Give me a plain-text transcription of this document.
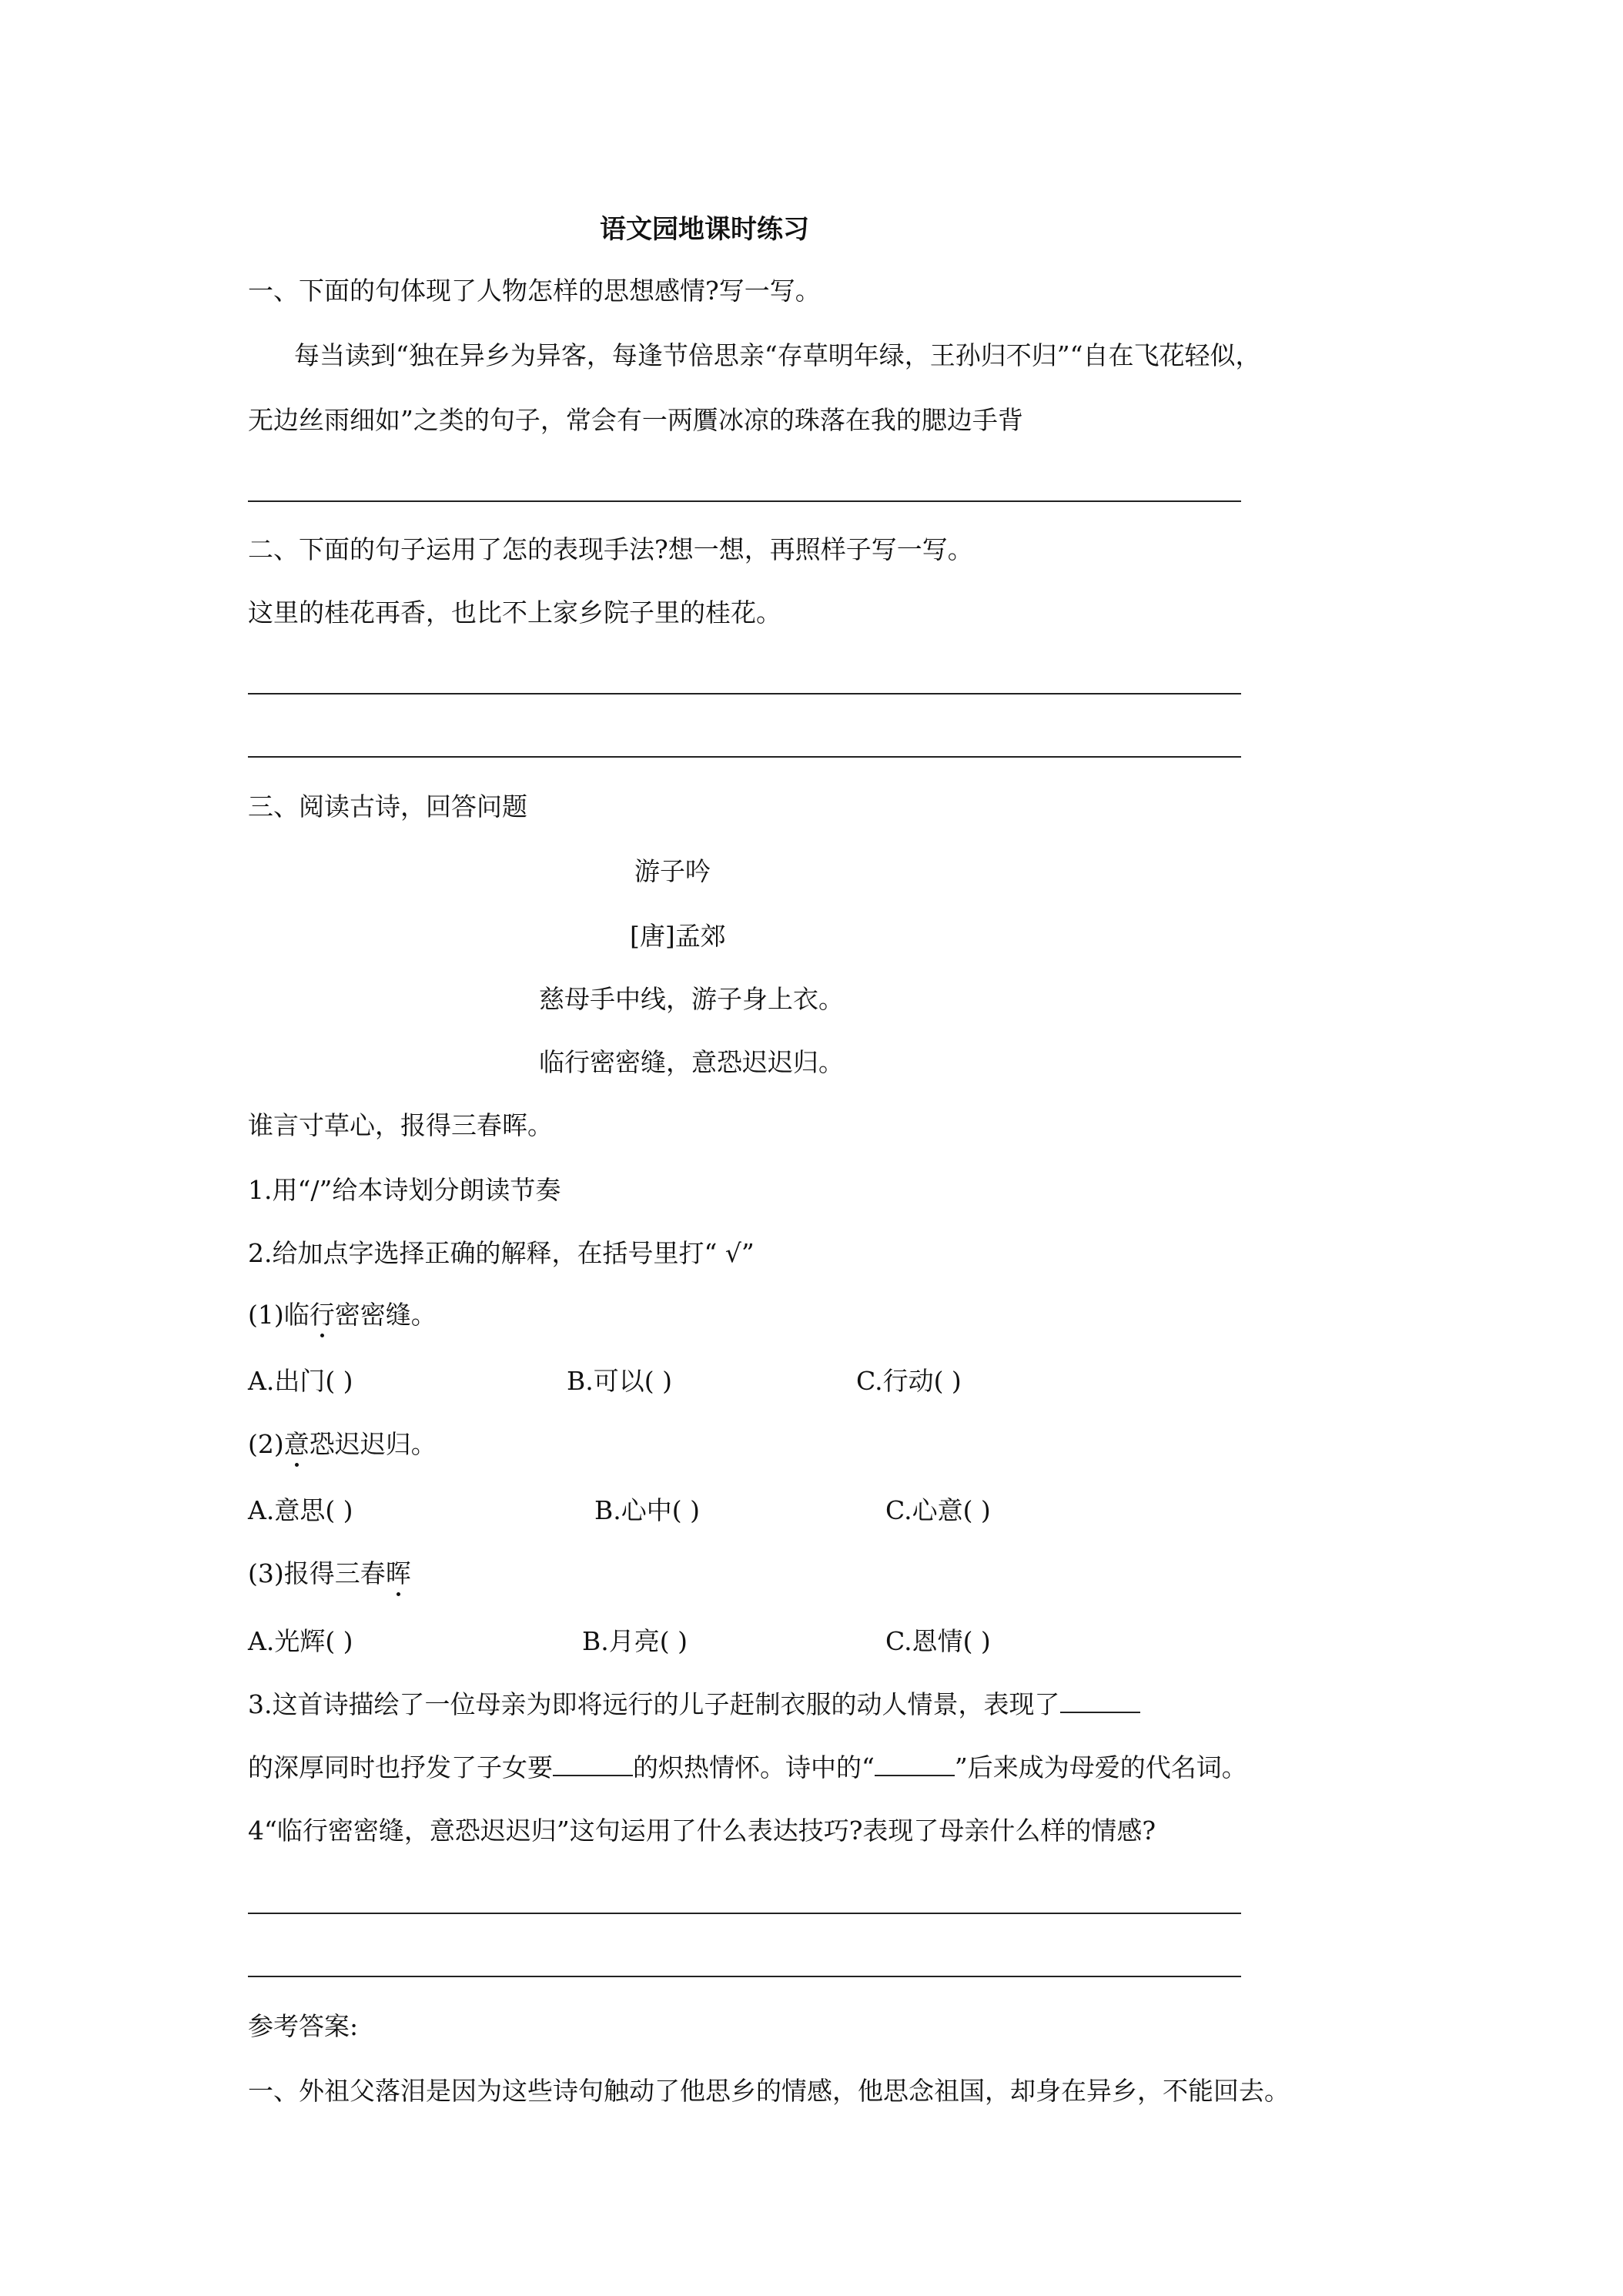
语文园地课时练习
一、下面的句体现了人物怎样的思想感情?写一写。
每当读到“独在异乡为异客，每逢节倍思亲“存草明年绿，王孙归不归”“自在飞花轻似，
无边丝雨细如”之类的句子，常会有一两贋冰凉的珠落在我的腮边手背
二、下面的句子运用了怎的表现手法?想一想，再照样子写一写。
这里的桂花再香，也比不上家乡院子里的桂花。
三、阅读古诗，回答问题
游子吟
[唐]孟郊
慈母手中线，游子身上衣。
临行密密缝，意恐迟迟归。
谁言寸草心，报得三春晖。
1.用“/”给本诗划分朗读节奏
2.给加点字选择正确的解释，在括号里打“ √”
(1)临行密密缝。
A.出门( )	B.可以( )	C.行动( )
(2)意恐迟迟归。
A.意思( )	B.心中( )	C.心意( )
(3)报得三春晖
A.光辉( )	B.月亮( )	C.恩情( )
3.这首诗描绘了一位母亲为即将远行的儿子赶制衣服的动人情景，表现了
的深厚同时也抒发了子女要	的炽热情怀。诗中的“	”后来成为母爱的代名词。
4“临行密密缝，意恐迟迟归”这句运用了什么表达技巧?表现了母亲什么样的情感?
参考答案:
一、外祖父落泪是因为这些诗句触动了他思乡的情感，他思念祖国，却身在异乡，不能回去。
